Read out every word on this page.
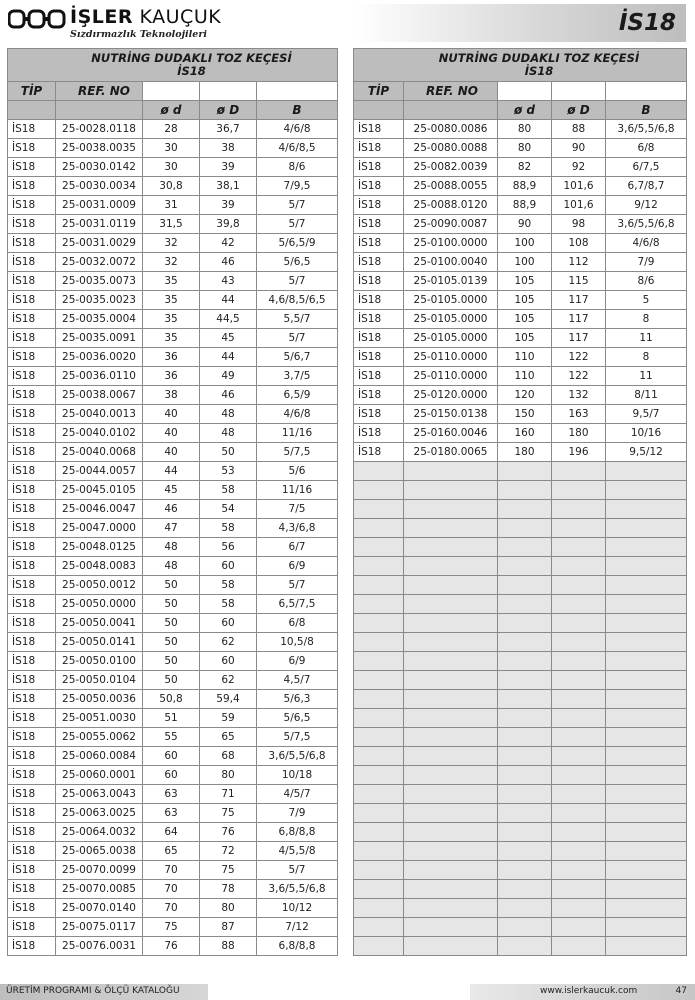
İŞLER KAUÇUK
Sızdırmazlık Teknolojileri	İS18
NUTRİNG DUDAKLI TOZ KEÇESİ
İS18				
TİP	REF. NO			
		ø d	ø D	B
İS18	25-0028.0118	28	36,7	4/6/8
İS18	25-0038.0035	30	38	4/6/8,5
İS18	25-0030.0142	30	39	8/6
İS18	25-0030.0034	30,8	38,1	7/9,5
İS18	25-0031.0009	31	39	5/7
İS18	25-0031.0119	31,5	39,8	5/7
İS18	25-0031.0029	32	42	5/6,5/9
İS18	25-0032.0072	32	46	5/6,5
İS18	25-0035.0073	35	43	5/7
İS18	25-0035.0023	35	44	4,6/8,5/6,5
İS18	25-0035.0004	35	44,5	5,5/7
İS18	25-0035.0091	35	45	5/7
İS18	25-0036.0020	36	44	5/6,7
İS18	25-0036.0110	36	49	3,7/5
İS18	25-0038.0067	38	46	6,5/9
İS18	25-0040.0013	40	48	4/6/8
İS18	25-0040.0102	40	48	11/16
İS18	25-0040.0068	40	50	5/7,5
İS18	25-0044.0057	44	53	5/6
İS18	25-0045.0105	45	58	11/16
İS18	25-0046.0047	46	54	7/5
İS18	25-0047.0000	47	58	4,3/6,8
İS18	25-0048.0125	48	56	6/7
İS18	25-0048.0083	48	60	6/9
İS18	25-0050.0012	50	58	5/7
İS18	25-0050.0000	50	58	6,5/7,5
İS18	25-0050.0041	50	60	6/8
İS18	25-0050.0141	50	62	10,5/8
İS18	25-0050.0100	50	60	6/9
İS18	25-0050.0104	50	62	4,5/7
İS18	25-0050.0036	50,8	59,4	5/6,3
İS18	25-0051.0030	51	59	5/6,5
İS18	25-0055.0062	55	65	5/7,5
İS18	25-0060.0084	60	68	3,6/5,5/6,8
İS18	25-0060.0001	60	80	10/18
İS18	25-0063.0043	63	71	4/5/7
İS18	25-0063.0025	63	75	7/9
İS18	25-0064.0032	64	76	6,8/8,8
İS18	25-0065.0038	65	72	4/5,5/8
İS18	25-0070.0099	70	75	5/7
İS18	25-0070.0085	70	78	3,6/5,5/6,8
İS18	25-0070.0140	70	80	10/12
İS18	25-0075.0117	75	87	7/12
İS18	25-0076.0031	76	88	6,8/8,8
NUTRİNG DUDAKLI TOZ KEÇESİ
İS18				
TİP	REF. NO			
		ø d	ø D	B
İS18	25-0080.0086	80	88	3,6/5,5/6,8
İS18	25-0080.0088	80	90	6/8
İS18	25-0082.0039	82	92	6/7,5
İS18	25-0088.0055	88,9	101,6	6,7/8,7
İS18	25-0088.0120	88,9	101,6	9/12
İS18	25-0090.0087	90	98	3,6/5,5/6,8
İS18	25-0100.0000	100	108	4/6/8
İS18	25-0100.0040	100	112	7/9
İS18	25-0105.0139	105	115	8/6
İS18	25-0105.0000	105	117	5
İS18	25-0105.0000	105	117	8
İS18	25-0105.0000	105	117	11
İS18	25-0110.0000	110	122	8
İS18	25-0110.0000	110	122	11
İS18	25-0120.0000	120	132	8/11
İS18	25-0150.0138	150	163	9,5/7
İS18	25-0160.0046	160	180	10/16
İS18	25-0180.0065	180	196	9,5/12

ÜRETİM PROGRAMI & ÖLÇÜ KATALOĞU	www.islerkaucuk.com	47
